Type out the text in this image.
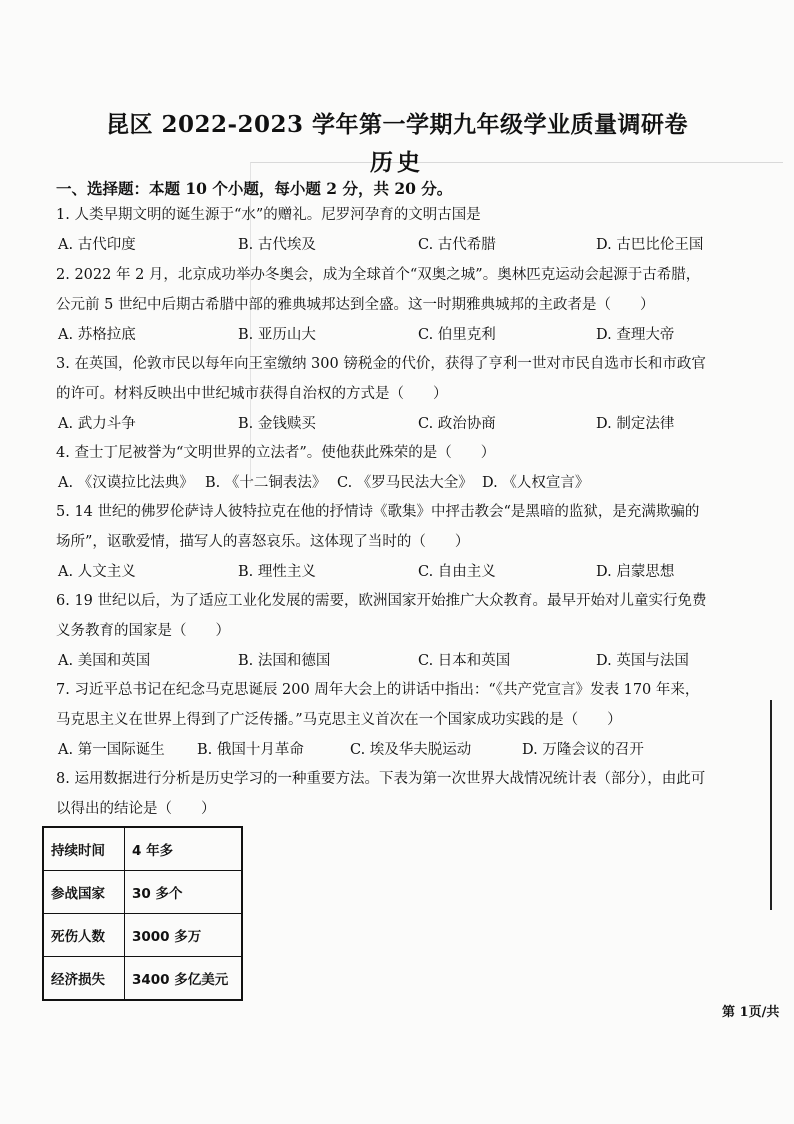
昆区 2022-2023 学年第一学期九年级学业质量调研卷
历史
一、选择题：本题 10 个小题，每小题 2 分，共 20 分。
1. 人类早期文明的诞生源于“水”的赠礼。尼罗河孕育的文明古国是
A. 古代印度	B. 古代埃及	C. 古代希腊	D. 古巴比伦王国
2. 2022 年 2 月，北京成功举办冬奥会，成为全球首个“双奥之城”。奥林匹克运动会起源于古希腊，
公元前 5 世纪中后期古希腊中部的雅典城邦达到全盛。这一时期雅典城邦的主政者是（　　）
A. 苏格拉底	B. 亚历山大	C. 伯里克利	D. 查理大帝
3. 在英国，伦敦市民以每年向王室缴纳 300 镑税金的代价，获得了亨利一世对市民自选市长和市政官
的许可。材料反映出中世纪城市获得自治权的方式是（　　）
A. 武力斗争	B. 金钱赎买	C. 政治协商	D. 制定法律
4. 查士丁尼被誉为“文明世界的立法者”。使他获此殊荣的是（　　）
A. 《汉谟拉比法典》 B. 《十二铜表法》 C. 《罗马民法大全》 D. 《人权宣言》
5. 14 世纪的佛罗伦萨诗人彼特拉克在他的抒情诗《歌集》中抨击教会“是黑暗的监狱，是充满欺骗的
场所”，讴歌爱情，描写人的喜怒哀乐。这体现了当时的（　　）
A. 人文主义	B. 理性主义	C. 自由主义	D. 启蒙思想
6. 19 世纪以后，为了适应工业化发展的需要，欧洲国家开始推广大众教育。最早开始对儿童实行免费
义务教育的国家是（　　）
A. 美国和英国	B. 法国和德国	C. 日本和英国	D. 英国与法国
7. 习近平总书记在纪念马克思诞辰 200 周年大会上的讲话中指出：“《共产党宣言》发表 170 年来，
马克思主义在世界上得到了广泛传播。”马克思主义首次在一个国家成功实践的是（　　）
A. 第一国际诞生 B. 俄国十月革命	C. 埃及华夫脱运动	D. 万隆会议的召开
8. 运用数据进行分析是历史学习的一种重要方法。下表为第一次世界大战情况统计表（部分），由此可
以得出的结论是（　　）
持续时间	4 年多
参战国家	30 多个
死伤人数	3000 多万
经济损失	3400 多亿美元
第 1页/共
